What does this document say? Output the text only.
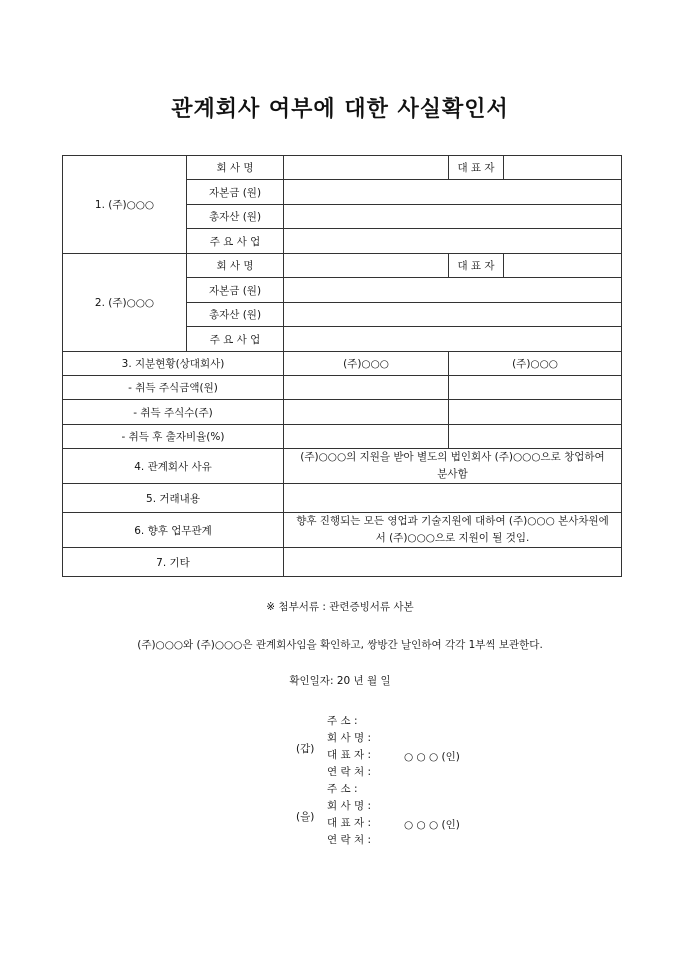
관계회사 여부에 대한 사실확인서
1. (주)○○○	회 사 명		대 표 자	
	자본금 (원)			
	총자산 (원)			
	주 요 사 업			
2. (주)○○○	회 사 명		대 표 자	
	자본금 (원)			
	총자산 (원)			
	주 요 사 업			
3. 지분현황(상대회사)		(주)○○○	(주)○○○	
- 취득 주식금액(원)				
- 취득 주식수(주)				
- 취득 후 출자비율(%)				
4. 관계회사 사유		(주)○○○의 지원을 받아 별도의 법인회사 (주)○○○으로 창업하여 분사함		
5. 거래내용				
6. 향후 업무관계		향후 진행되는 모든 영업과 기술지원에 대하여 (주)○○○ 본사차원에서 (주)○○○으로 지원이 될 것임.		
7. 기타				
※ 첨부서류 : 관련증빙서류 사본
(주)○○○와 (주)○○○은 관계회사임을 확인하고, 쌍방간 날인하여 각각 1부씩 보관한다.
확인일자: 20 년 월 일
(갑)
주 소 :
회 사 명 :
대 표 자 :	○ ○ ○ (인)
연 락 처 :
(을)
주 소 :
회 사 명 :
대 표 자 :	○ ○ ○ (인)
연 락 처 :
